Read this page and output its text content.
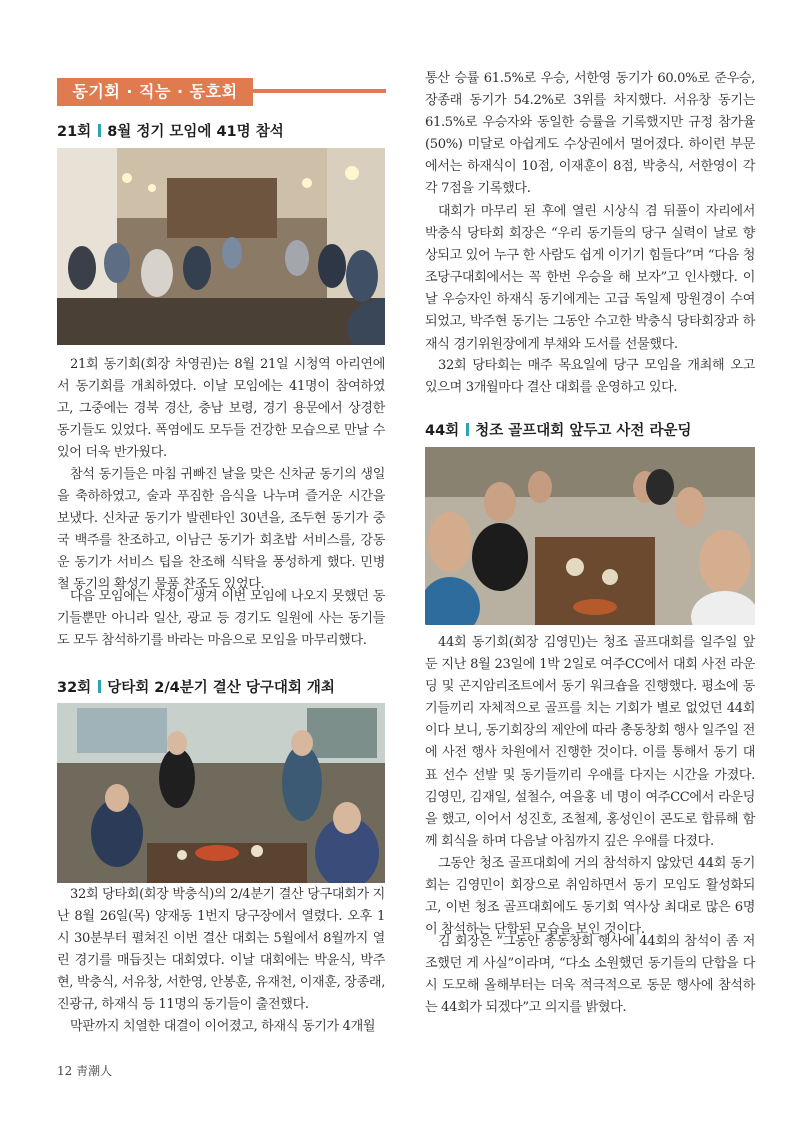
동기회 · 직능 · 동호회
21회 8월 정기 모임에 41명 참석

21회 동기회(회장 차영권)는 8월 21일 시청역 아리연에서 동기회를 개최하였다. 이날 모임에는 41명이 참여하였고, 그중에는 경북 경산, 충남 보령, 경기 용문에서 상경한 동기들도 있었다. 폭염에도 모두들 건강한 모습으로 만날 수 있어 더욱 반가웠다.

참석 동기들은 마침 귀빠진 날을 맞은 신차균 동기의 생일을 축하하였고, 술과 푸짐한 음식을 나누며 즐거운 시간을 보냈다. 신차균 동기가 발렌타인 30년을, 조두현 동기가 중국 백주를 찬조하고, 이남근 동기가 회초밥 서비스를, 강동운 동기가 서비스 팁을 찬조해 식탁을 풍성하게 했다. 민병철 동기의 확성기 물품 찬조도 있었다.

다음 모임에는 사정이 생겨 이번 모임에 나오지 못했던 동기들뿐만 아니라 일산, 광교 등 경기도 일원에 사는 동기들도 모두 참석하기를 바라는 마음으로 모임을 마무리했다.

32회 당타회 2/4분기 결산 당구대회 개최

32회 당타회(회장 박충식)의 2/4분기 결산 당구대회가 지난 8월 26일(목) 양재동 1번지 당구장에서 열렸다. 오후 1시 30분부터 펼쳐진 이번 결산 대회는 5월에서 8월까지 열린 경기를 매듭짓는 대회였다. 이날 대회에는 박윤식, 박주현, 박충식, 서유창, 서한영, 안봉훈, 유재천, 이재훈, 장종래, 진광규, 하재식 등 11명의 동기들이 출전했다.

막판까지 치열한 대결이 이어졌고, 하재식 동기가 4개월

통산 승률 61.5%로 우승, 서한영 동기가 60.0%로 준우승, 장종래 동기가 54.2%로 3위를 차지했다. 서유창 동기는 61.5%로 우승자와 동일한 승률을 기록했지만 규정 참가율(50%) 미달로 아쉽게도 수상권에서 멀어졌다. 하이런 부문에서는 하재식이 10점, 이재훈이 8점, 박충식, 서한영이 각각 7점을 기록했다.

대회가 마무리 된 후에 열린 시상식 겸 뒤풀이 자리에서 박충식 당타회 회장은 “우리 동기들의 당구 실력이 날로 향상되고 있어 누구 한 사람도 쉽게 이기기 힘들다”며 “다음 청조당구대회에서는 꼭 한번 우승을 해 보자”고 인사했다. 이날 우승자인 하재식 동기에게는 고급 독일제 망원경이 수여되었고, 박주현 동기는 그동안 수고한 박충식 당타회장과 하재식 경기위원장에게 부채와 도서를 선물했다.

32회 당타회는 매주 목요일에 당구 모임을 개최해 오고 있으며 3개월마다 결산 대회를 운영하고 있다.

44회 청조 골프대회 앞두고 사전 라운딩

44회 동기회(회장 김영민)는 청조 골프대회를 일주일 앞둔 지난 8월 23일에 1박 2일로 여주CC에서 대회 사전 라운딩 및 곤지암리조트에서 동기 워크숍을 진행했다. 평소에 동기들끼리 자체적으로 골프를 치는 기회가 별로 없었던 44회이다 보니, 동기회장의 제안에 따라 총동창회 행사 일주일 전에 사전 행사 차원에서 진행한 것이다. 이를 통해서 동기 대표 선수 선발 및 동기들끼리 우애를 다지는 시간을 가졌다. 김영민, 김재일, 설철수, 여을홍 네 명이 여주CC에서 라운딩을 했고, 이어서 성진호, 조철제, 홍성인이 콘도로 합류해 함께 회식을 하며 다음날 아침까지 깊은 우애를 다졌다.

그동안 청조 골프대회에 거의 참석하지 않았던 44회 동기회는 김영민이 회장으로 취임하면서 동기 모임도 활성화되고, 이번 청조 골프대회에도 동기회 역사상 최대로 많은 6명이 참석하는 단합된 모습을 보인 것이다.

김 회장은 “그동안 총동창회 행사에 44회의 참석이 좀 저조했던 게 사실”이라며, “다소 소원했던 동기들의 단합을 다시 도모해 올해부터는 더욱 적극적으로 동문 행사에 참석하는 44회가 되겠다”고 의지를 밝혔다.

12 靑潮人
